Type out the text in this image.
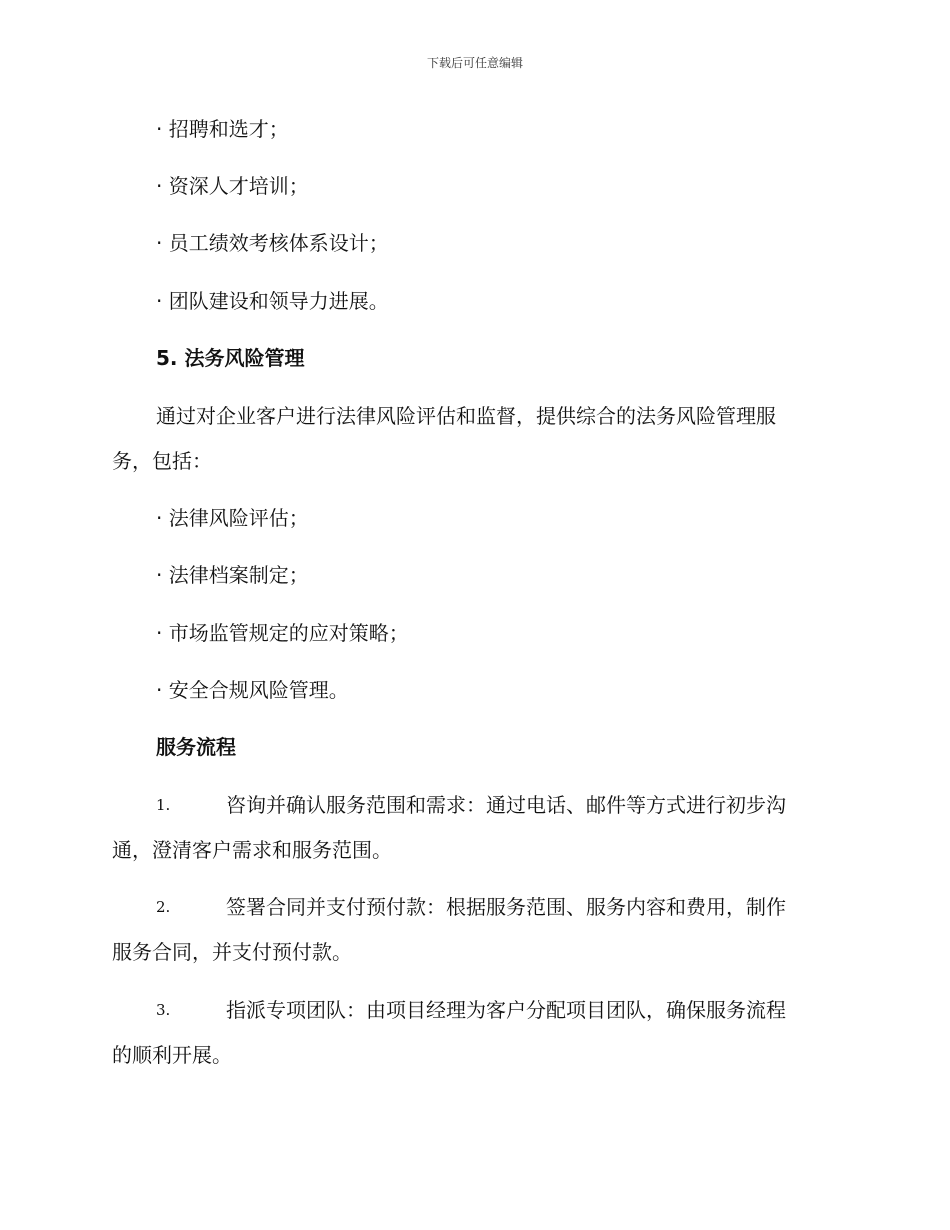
下载后可任意编辑
· 招聘和选才；
· 资深人才培训；
· 员工绩效考核体系设计；
· 团队建设和领导力进展。
5. 法务风险管理
通过对企业客户进行法律风险评估和监督，提供综合的法务风险管理服
务，包括：
· 法律风险评估；
· 法律档案制定；
· 市场监管规定的应对策略；
· 安全合规风险管理。
服务流程
1.	咨询并确认服务范围和需求：通过电话、邮件等方式进行初步沟
通，澄清客户需求和服务范围。
2.	签署合同并支付预付款：根据服务范围、服务内容和费用，制作
服务合同，并支付预付款。
3.	指派专项团队：由项目经理为客户分配项目团队，确保服务流程
的顺利开展。
